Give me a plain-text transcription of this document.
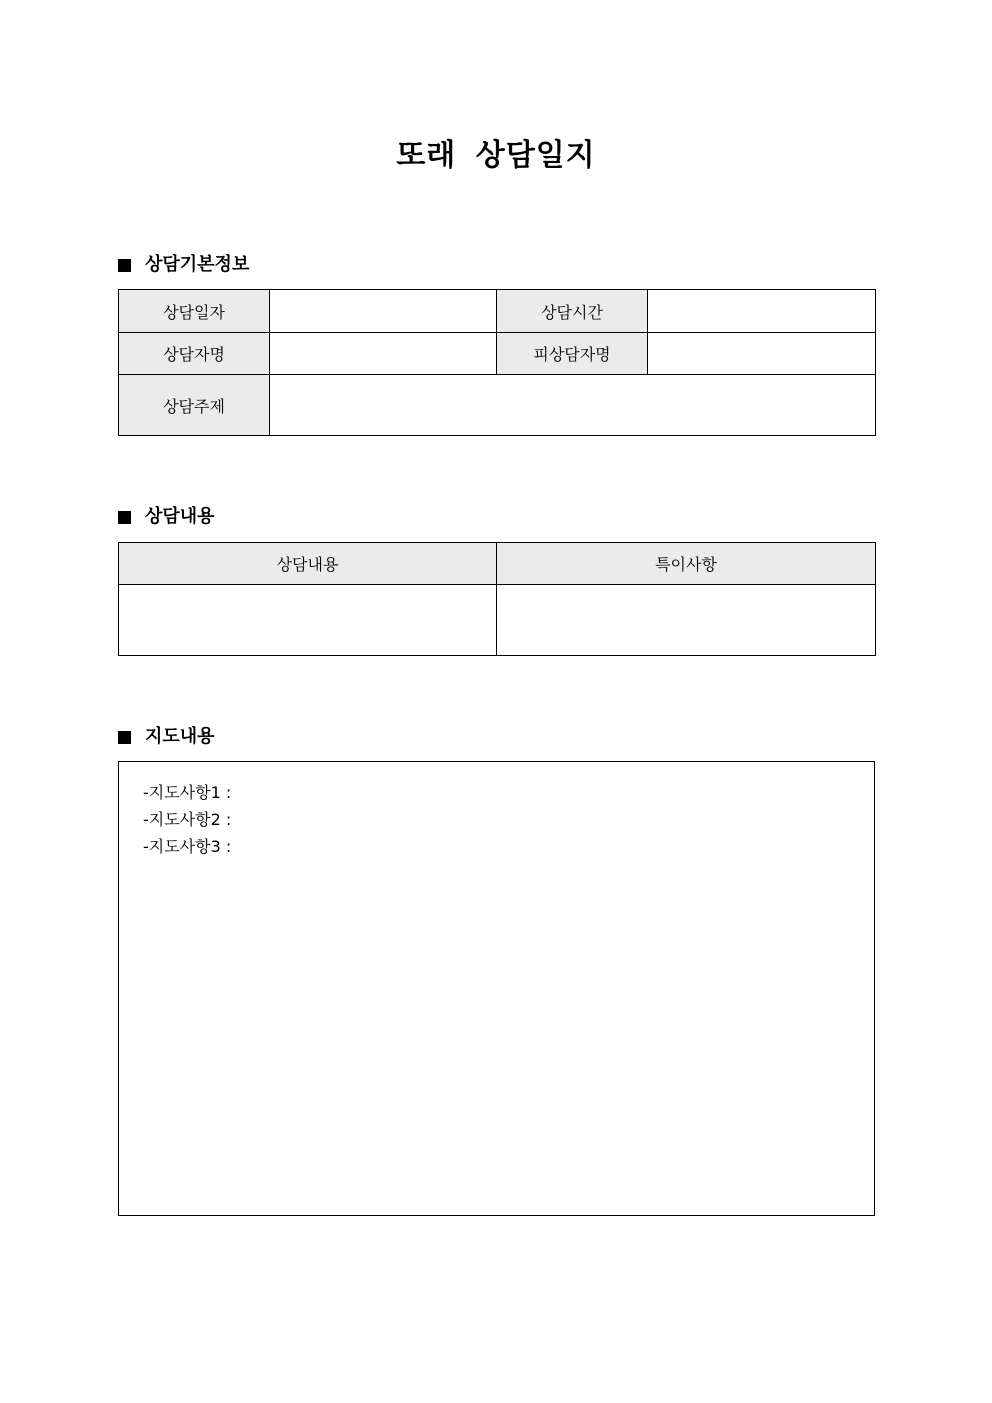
또래 상담일지
상담기본정보
상담일자		상담시간	
상담자명		피상담자명	
상담주제			
상담내용
상담내용	특이사항

지도내용
-지도사항1 :
-지도사항2 :
-지도사항3 :
